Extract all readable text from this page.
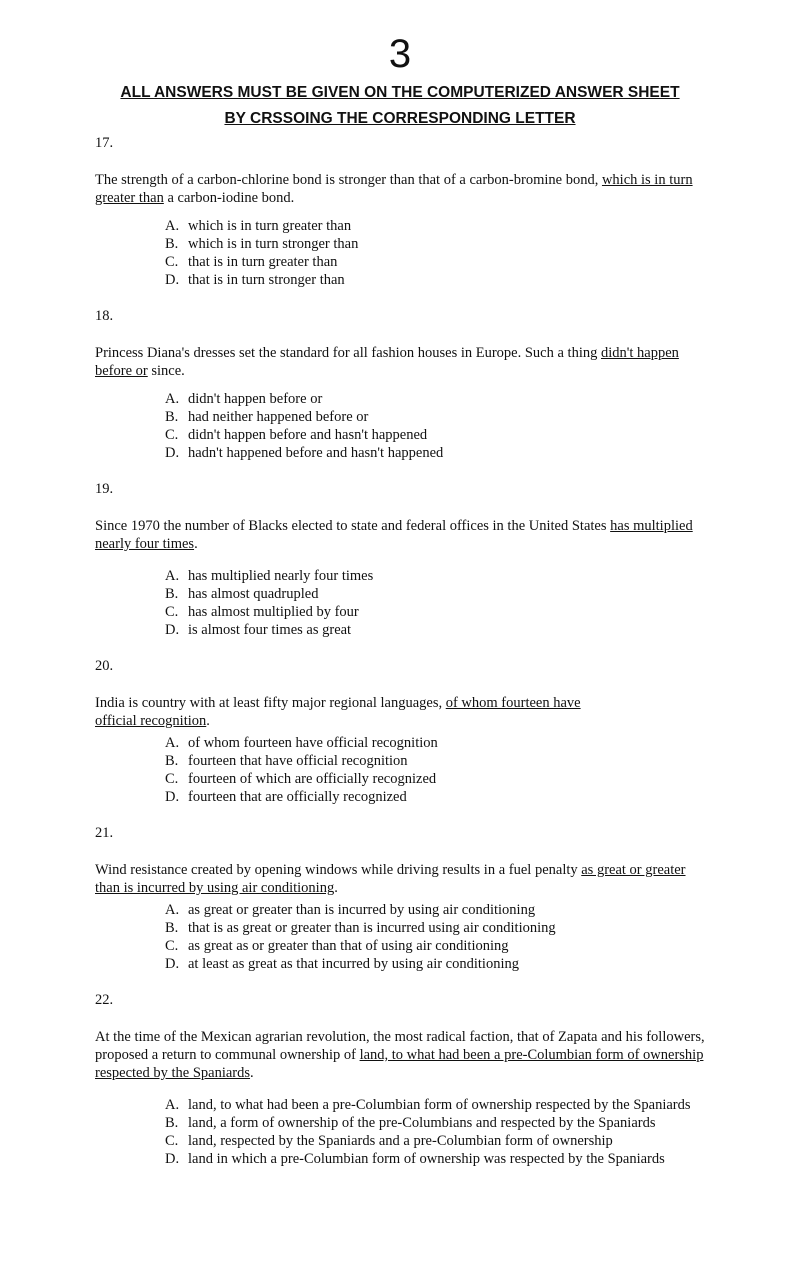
3
ALL ANSWERS MUST BE GIVEN ON THE COMPUTERIZED ANSWER SHEET
BY CRSSOING THE CORRESPONDING LETTER

17.

The strength of a carbon-chlorine bond is stronger than that of a carbon-bromine bond, which is in turn greater than a carbon-iodine bond.

A. which is in turn greater than
B. which is in turn stronger than
C. that is in turn greater than
D. that is in turn stronger than

18.

Princess Diana's dresses set the standard for all fashion houses in Europe. Such a thing didn't happen before or since.

A. didn't happen before or
B. had neither happened before or
C. didn't happen before and hasn't happened
D. hadn't happened before and hasn't happened

19.

Since 1970 the number of Blacks elected to state and federal offices in the United States has multiplied nearly four times.

A. has multiplied nearly four times
B. has almost quadrupled
C. has almost multiplied by four
D. is almost four times as great

20.

India is country with at least fifty major regional languages, of whom fourteen have official recognition.

A. of whom fourteen have official recognition
B. fourteen that have official recognition
C. fourteen of which are officially recognized
D. fourteen that are officially recognized

21.

Wind resistance created by opening windows while driving results in a fuel penalty as great or greater than is incurred by using air conditioning.

A. as great or greater than is incurred by using air conditioning
B. that is as great or greater than is incurred using air conditioning
C. as great as or greater than that of using air conditioning
D. at least as great as that incurred by using air conditioning

22.

At the time of the Mexican agrarian revolution, the most radical faction, that of Zapata and his followers, proposed a return to communal ownership of land, to what had been a pre-Columbian form of ownership respected by the Spaniards.

A. land, to what had been a pre-Columbian form of ownership respected by the Spaniards
B. land, a form of ownership of the pre-Columbians and respected by the Spaniards
C. land, respected by the Spaniards and a pre-Columbian form of ownership
D. land in which a pre-Columbian form of ownership was respected by the Spaniards
